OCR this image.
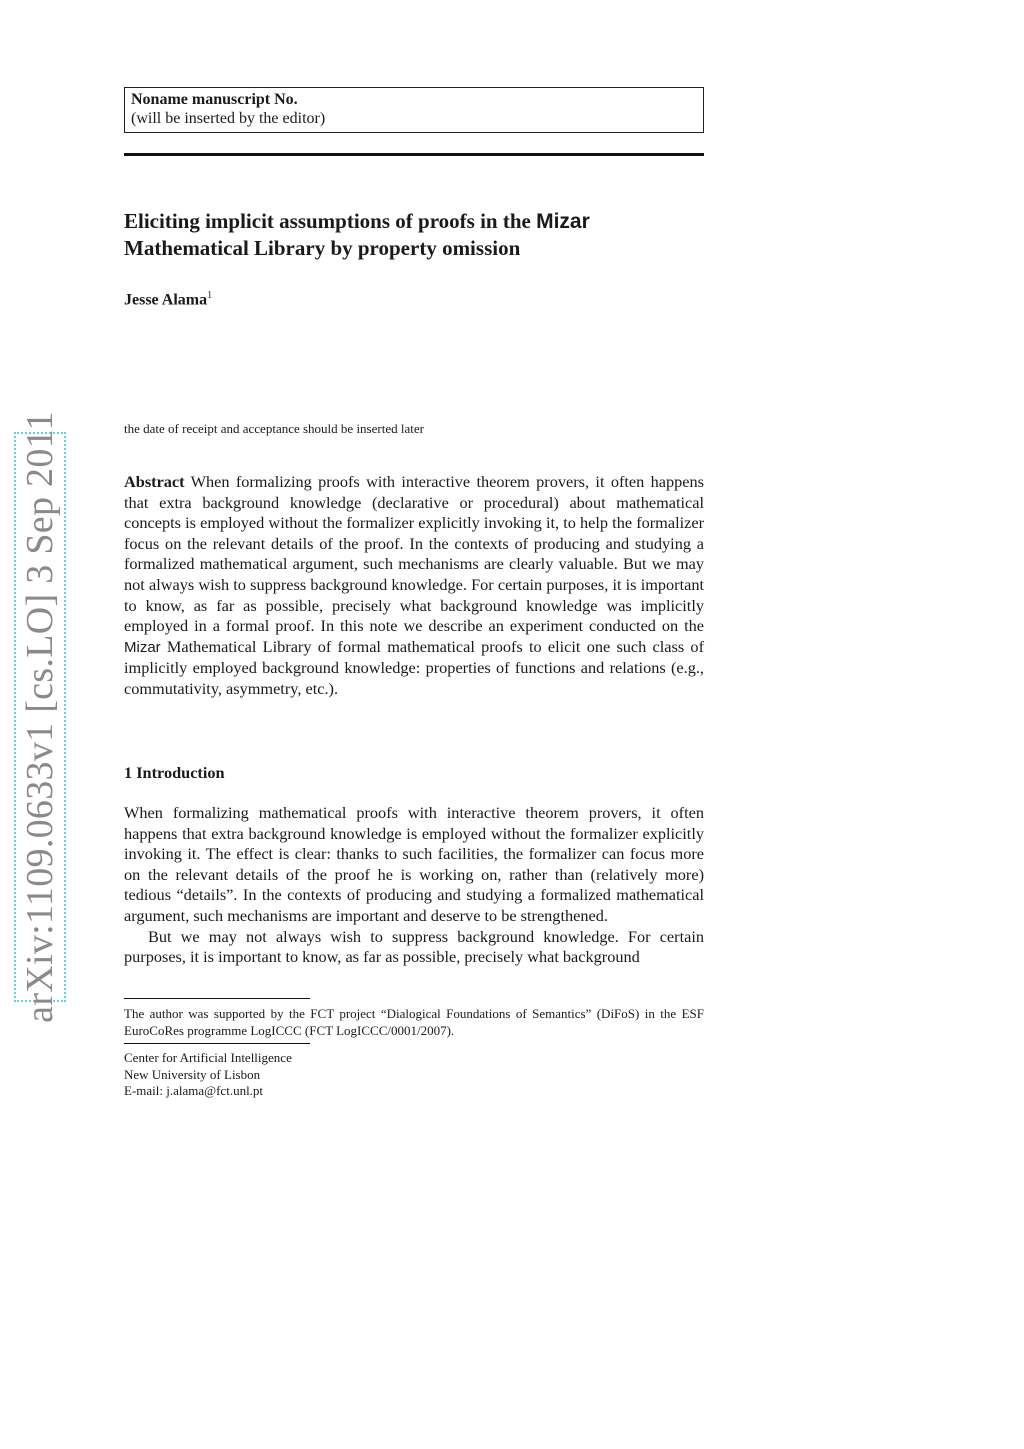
arXiv:1109.0633v1 [cs.LO] 3 Sep 2011
Noname manuscript No.
(will be inserted by the editor)
Eliciting implicit assumptions of proofs in the Mizar
Mathematical Library by property omission
Jesse Alama$^1$
the date of receipt and acceptance should be inserted later
Abstract When formalizing proofs with interactive theorem provers, it often happens that extra background knowledge (declarative or procedural) about mathematical concepts is employed without the formalizer explicitly invoking it, to help the formalizer focus on the relevant details of the proof. In the contexts of producing and studying a formalized mathematical argument, such mechanisms are clearly valuable. But we may not always wish to suppress background knowledge. For certain purposes, it is important to know, as far as possible, precisely what background knowledge was implicitly employed in a formal proof. In this note we describe an experiment conducted on the Mizar Mathematical Library of formal mathematical proofs to elicit one such class of implicitly employed background knowledge: properties of functions and relations (e.g., commutativity, asymmetry, etc.).
1 Introduction

When formalizing mathematical proofs with interactive theorem provers, it often happens that extra background knowledge is employed without the formalizer explicitly invoking it. The effect is clear: thanks to such facilities, the formalizer can focus more on the relevant details of the proof he is working on, rather than (relatively more) tedious “details”. In the contexts of producing and studying a formalized mathematical argument, such mechanisms are important and deserve to be strengthened.

But we may not always wish to suppress background knowledge. For certain purposes, it is important to know, as far as possible, precisely what background

The author was supported by the FCT project “Dialogical Foundations of Semantics” (DiFoS) in the ESF EuroCoRes programme LogICCC (FCT LogICCC/0001/2007).
Center for Artificial Intelligence
New University of Lisbon
E-mail: j.alama@fct.unl.pt
